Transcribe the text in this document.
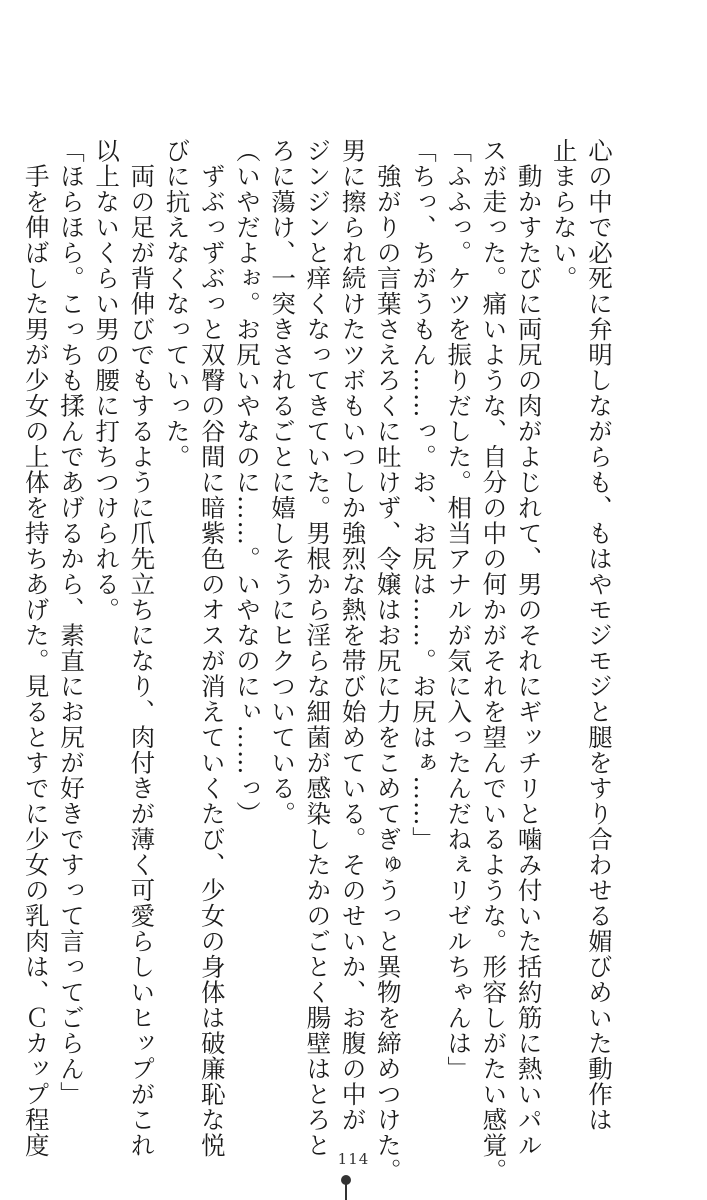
心の中で必死に弁明しながらも、もはやモジモジと腿をすり合わせる媚びめいた動作は
止まらない。
　動かすたびに両尻の肉がよじれて、男のそれにギッチリと噛み付いた括約筋に熱いパル
スが走った。痛いような、自分の中の何かがそれを望んでいるような。形容しがたい感覚。
「ふふっ。ケツを振りだした。相当アナルが気に入ったんだねぇリゼルちゃんは」
「ちっ、ちがうもん……っ。お、お尻は……。お尻はぁ……」
　強がりの言葉さえろくに吐けず、令嬢はお尻に力をこめてぎゅうっと異物を締めつけた。
男に擦られ続けたツボもいつしか強烈な熱を帯び始めている。そのせいか、お腹の中が
ジンジンと痒くなってきていた。男根から淫らな細菌が感染したかのごとく腸壁はとろと
ろに蕩け、一突きされるごとに嬉しそうにヒクついている。
（いやだよぉ。お尻いやなのに……。いやなのにぃ……っ）
　ずぶっずぶっと双臀の谷間に暗紫色のオスが消えていくたび、少女の身体は破廉恥な悦
びに抗えなくなっていった。
　両の足が背伸びでもするように爪先立ちになり、肉付きが薄く可愛らしいヒップがこれ
以上ないくらい男の腰に打ちつけられる。
「ほらほら。こっちも揉んであげるから、素直にお尻が好きですって言ってごらん」
　手を伸ばした男が少女の上体を持ちあげた。見るとすでに少女の乳肉は、Ｃカップ程度
114
